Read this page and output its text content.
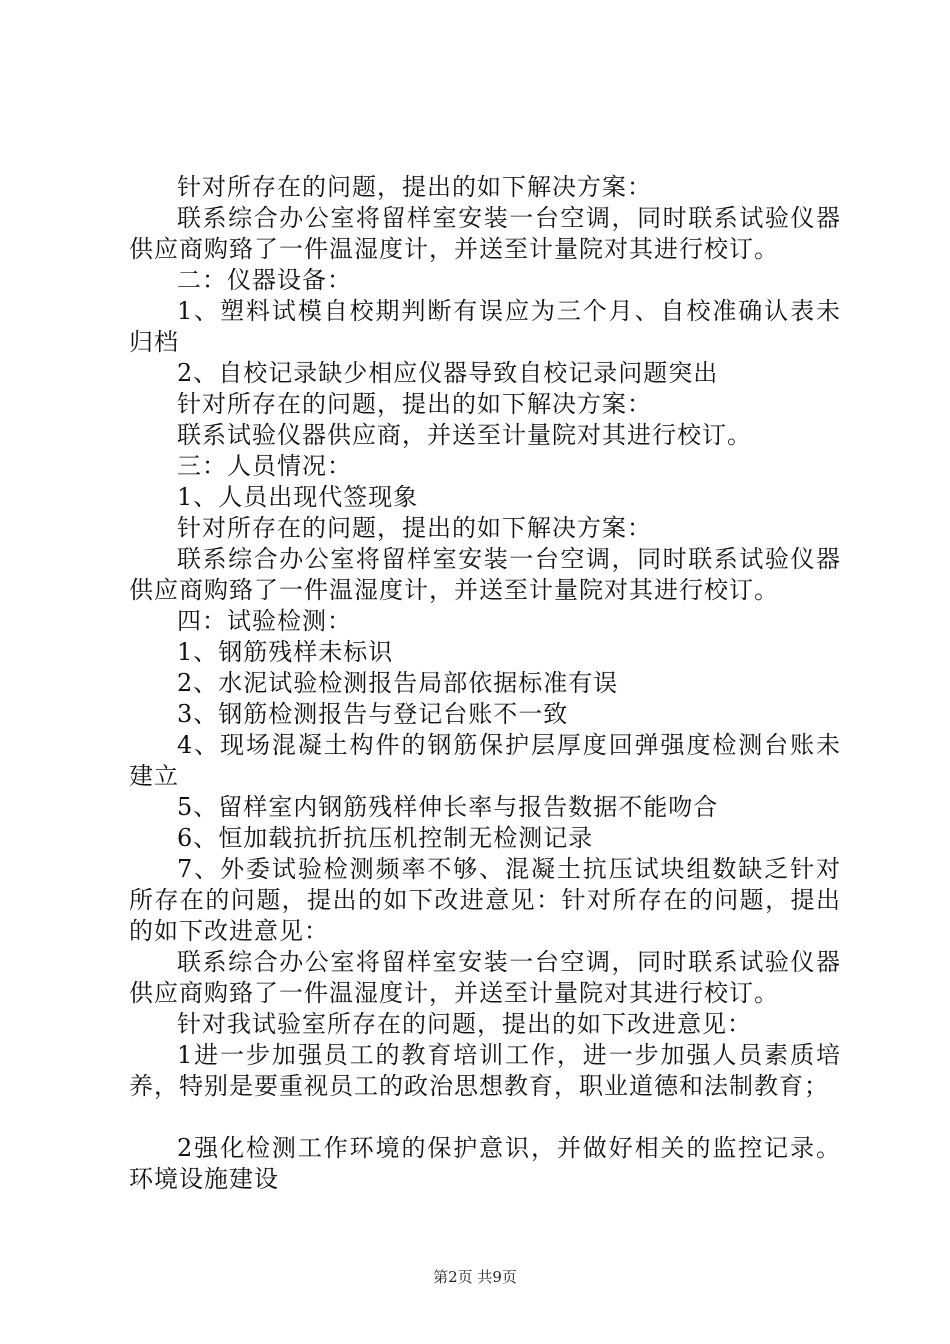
针对所存在的问题，提出的如下解决方案：

联系综合办公室将留样室安装一台空调，同时联系试验仪器供应商购臵了一件温湿度计，并送至计量院对其进行校订。

二：仪器设备：

1、塑料试模自校期判断有误应为三个月、自校准确认表未归档

2、自校记录缺少相应仪器导致自校记录问题突出

针对所存在的问题，提出的如下解决方案：

联系试验仪器供应商，并送至计量院对其进行校订。

三：人员情况：

1、人员出现代签现象

针对所存在的问题，提出的如下解决方案：

联系综合办公室将留样室安装一台空调，同时联系试验仪器供应商购臵了一件温湿度计，并送至计量院对其进行校订。

四：试验检测：

1、钢筋残样未标识

2、水泥试验检测报告局部依据标准有误

3、钢筋检测报告与登记台账不一致

4、现场混凝土构件的钢筋保护层厚度回弹强度检测台账未建立

5、留样室内钢筋残样伸长率与报告数据不能吻合

6、恒加载抗折抗压机控制无检测记录

7、外委试验检测频率不够、混凝土抗压试块组数缺乏针对所存在的问题，提出的如下改进意见：针对所存在的问题，提出的如下改进意见：

联系综合办公室将留样室安装一台空调，同时联系试验仪器供应商购臵了一件温湿度计，并送至计量院对其进行校订。

针对我试验室所存在的问题，提出的如下改进意见：

1进一步加强员工的教育培训工作，进一步加强人员素质培养，特别是要重视员工的政治思想教育，职业道德和法制教育；

2强化检测工作环境的保护意识，并做好相关的监控记录。环境设施建设

第2页 共9页
